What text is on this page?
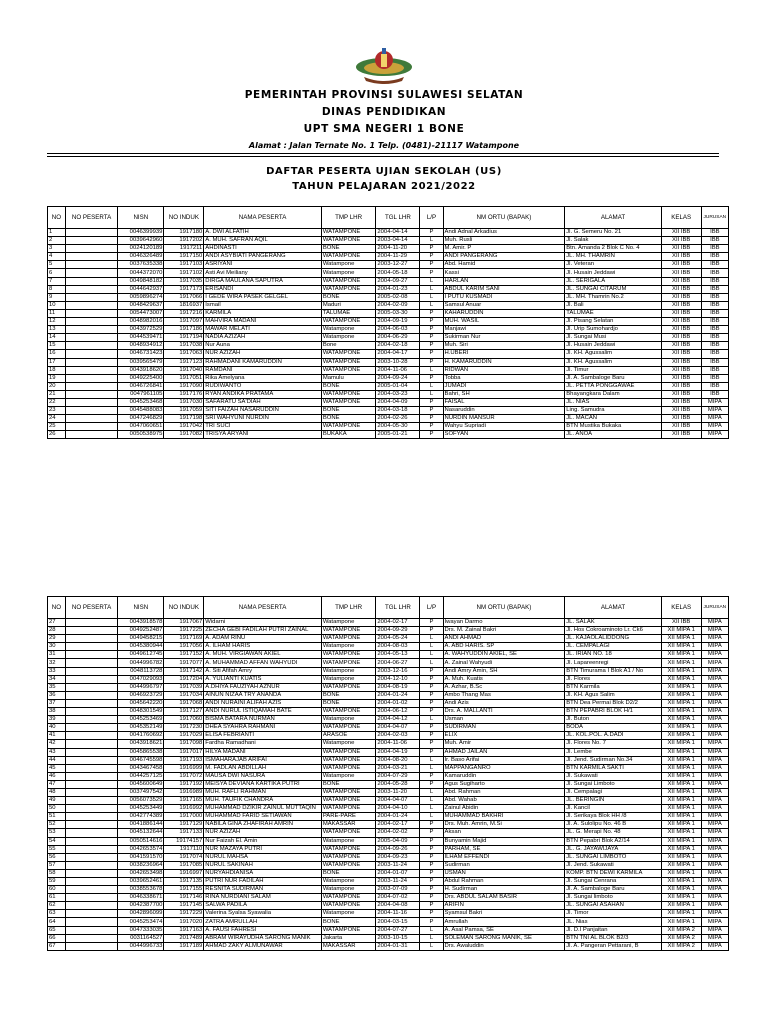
PEMERINTAH PROVINSI SULAWESI SELATAN
DINAS PENDIDIKAN
UPT SMA NEGERI 1 BONE
Alamat : Jalan Ternate No. 1 Telp. (0481)-21117 Watampone
DAFTAR PESERTA UJIAN SEKOLAH (US)
TAHUN PELAJARAN 2021/2022
NO	NO PESERTA	NISN	NO INDUK	NAMA PESERTA	TMP LHR	TGL LHR	L/P	NM ORTU (BAPAK)	ALAMAT	KELAS	JURUSAN
1		0046399939	1917180	A. DWI ALFATIH	WATAMPONE	2004-04-14	P	Andi Adnal Arkadius	Jl. G. Semeru No. 21	XII IBB	IBB
2		0039642960	1917202	A. MUH. SAFRAN AQIL	WATAMPONE	2003-04-14	L	Muh. Rusli	Jl. Salak	XII IBB	IBB
3		0024120189	1917211	AHDINASTI	BONE	2004-11-20	P	M. Amir. P	Btn. Amanda 2 Blok C No. 4	XII IBB	IBB
4		0046326489	1917150	ANDI ASYBIATI PANGERANG	WATAMPONE	2004-11-29	P	ANDI PANGERANG	JL. MH. THAMRIN	XII IBB	IBB
5		0037635338	1917103	ASRIYANI	Watampone	2003-12-27	P	Abd. Hamid	Jl. Veteran	XII IBB	IBB
6		0044372070	1917102	Asti Avi Meiliany	Watampone	2004-05-18	P	Kassi	Jl. Husain Jeddawi	XII IBB	IBB
7		0049848182	1917035	DIRGA MAULANA SAPUTRA	WATAMPONE	2004-09-27	L	HARLAN	JL. SERIGALA	XII IBB	IBB
8		0044642937	1917173	ERISANDI	WATAMPONE	2004-01-23	L	ABDUL KARIM SANI	JL. SUNGAI CITARUM	XII IBB	IBB
9		0059896274	1917066	I GEDE WIRA PASEK GELGEL	BONE	2005-02-08	L	I PUTU KUSMADI	JL. MH. Thamrin No.2	XII IBB	IBB
10		0048429637	1816937	Ismail	Maduri	2004-02-09	L	Samsul Anuar	Jl. Bali	XII IBB	IBB
11		0054473007	1917216	KARMILA	TALUMAE	2005-03-30	P	KAHARUDDIN	TALUMAE	XII IBB	IBB
12		0048982016	1917097	MAHVIRA MADANI	WATAMPONE	2004-09-19	P	MUH. WASIL	Jl. Pisang Selatan	XII IBB	IBB
13		0043972529	1917186	MAWAR MELATI	Watampone	2004-06-03	P	Manjawi	Jl. Urip Sumohardjo	XII IBB	IBB
14		0044539471	1917194	NADIA AZIZAH	Watampone	2004-06-29	P	Sukirman Nur	Jl. Sungai Musi	XII IBB	IBB
15		0048934912	1917038	Nur Auna	Bone	2004-02-18	P	Muh. Siri	Jl. Husain Jeddawi	XII IBB	IBB
16		0046731423	1917063	NUR AZIZAH	WATAMPONE	2004-04-17	P	H.UBERI	Jl. KH. Agussalim	XII IBB	IBB
17		0039565479	1917123	RAHMADANI KAMARUDDIN	WATAMPONE	2003-10-28	P	H. KAMARUDDIN	Jl. KH. Agussalim	XII IBB	IBB
18		0043918620	1917040	RAMDANI	WATAMPONE	2004-11-06	L	RIDWAN	Jl. Timur	XII IBB	IBB
19		0049225400	1917051	Rika Amelyana	Mamulu	2004-09-24	P	Tobba	Jl. A. Sambaloge Baru	XII IBB	IBB
20		0046726841	1917090	RUDIWANTO	BONE	2005-01-04	L	JUMADI	JL. PETTA PONGGAWAE	XII IBB	IBB
21		0047961105	1917176	RYAN ANDIKA PRATAMA	WATAMPONE	2004-03-23	L	Bahri, SH	Bhayangkara Dalam	XII IBB	IBB
22		0045253468	1917030	SAFARATU SA'DIAH	WATAMPONE	2004-04-09	P	FAISAL	JL. NIAS	XII IBB	MIPA
23		0045488083	1917059	SITI FAIZAH NASARUDDIN	BONE	2004-03-18	P	Nasaruddin	Ling. Samudra	XII IBB	MIPA
24		0047246829	1917198	SRI WAHYUNI NURDIN	BONE	2004-02-26	P	NURDIN MANSUR	JL. MACAN	XII IBB	MIPA
25		0047060651	1917042	TRI SUCI	WATAMPONE	2004-05-30	P	Wahyu Supriadi	BTN Mustika Bukaka	XII IBB	MIPA
26		0050538975	1917082	TRISYA ARYANI	BUKAKA	2005-01-21	P	SOFYAN	JL. ANOA	XII IBB	MIPA
NO	NO PESERTA	NISN	NO INDUK	NAMA PESERTA	TMP LHR	TGL LHR	L/P	NM ORTU (BAPAK)	ALAMAT	KELAS	JURUSAN
27		0043918578	1917067	Widarni	Watampone	2004-02-17	P	Iwayan Darmo	JL. SALAK	XII IBB	MIPA
28		0049252487	1917225	ZECHA GEBI FADILAH PUTRI ZAINAL	WATAMPONE	2004-09-29	P	Drs. M. Zainal Bakri	Jl. Hos Cokroaminoto Lr. Ck6	XII MIPA 1	MIPA
29		0049458215	1917169	A. ADAM RINU	WATAMPONE	2004-05-24	L	ANDI AHMAD	JL. KAJAOLALIDDONG	XII MIPA 1	MIPA
30		0045380944	1917056	A. ILHAM HARIS	Watampone	2004-08-03	L	A. ABD HARIS. SP	JL. CEMPALAGI	XII MIPA 1	MIPA
31		0049612745	1917152	A. MUH. VIRGIAWAN AKIEL	WATAMPONE	2004-05-13	L	A. WAHYUDDIN AKIEL, SE	JL. IRIAN NO. 18	XII MIPA 1	MIPA
32		0044996782	1917077	A. MUHAMMAD AFFAN WAHYUDI	WATAMPONE	2004-06-27	L	A. Zainal Wahyudi	Jl. Lapareenregi	XII MIPA 1	MIPA
33		0048113728	1917142	A. Siti Afifah Amry	Watampone	2003-12-16	P	Andi Amry Amin, SH	BTN Timurama I Blok A1 / No	XII MIPA 1	MIPA
34		0047029093	1917204	A. YULIANTI KUATIS	Watampone	2004-12-10	P	A. Muh. Kuatis	Jl. Flores	XII MIPA 1	MIPA
35		0044996797	1917039	A.DHIYA FAUZIYAH AZNUR	WATAMPONE	2004-08-19	P	A. Azhar, B.Sc	BTN Karmila	XII MIPA 1	MIPA
36		0046923729	1917034	AINUN NIZAA TRY ANANDA	BONE	2004-01-24	P	Ambo Thang Mas	Jl. KH. Agus Salim	XII MIPA 1	MIPA
37		0045642220	1917068	ANDI NURAINI ALIFAH AZIS	BONE	2004-01-02	P	Andi Azis	BTN Dea Permai Blok D2/2	XII MIPA 1	MIPA
38		0048301549	1917127	ANDI NURUL ISTIQAMAH BATE	WATAMPONE	2004-06-12	P	Drs. A. MALLANTI	BTN PEPABRI BLOK H/1	XII MIPA 1	MIPA
39		0045253469	1917060	BISMA BATARA NURMAN	Watampone	2004-04-12	L	Usman	Jl. Buton	XII MIPA 1	MIPA
40		0045352149	1917230	DHEA SYAHRA RAHMANI	WATAMPONE	2004-04-07	P	SUDIRMAN	BODA	XII MIPA 1	MIPA
41		0041760692	1917029	ELISA FEBRIANTI	ARASOE	2004-02-03	P	ELIX	JL. KOL.POL. A.DADI	XII MIPA 1	MIPA
42		0043918621	1917098	Fardha Ramadhani	Watampone	2004-11-06	P	Muh. Amir	Jl. Flores No. 7	XII MIPA 1	MIPA
43		0045865538	1917017	HILYA MADANI	WATAMPONE	2004-04-19	P	AHMAD JAILAN	Jl. Lembe	XII MIPA 1	MIPA
44		0046745598	1917193	ISMAHARAJAB ARIFAI	WATAMPONE	2004-08-20	L	Ir. Baso Arifai	Jl. Jend. Sudirman No.34	XII MIPA 1	MIPA
45		0043467458	1916999	M. FADLAN ABDILLAH	WATAMPONE	2004-03-21	L	MAPPANGANRO	BTN KARMILA SAKTI	XII MIPA 1	MIPA
46		0044257125	1917072	MAUSA DWI NASURA	Watampone	2004-07-29	P	Kamaruddin	Jl. Sukawati	XII MIPA 1	MIPA
47		0045600649	1917192	MEISYA DEVIANA KARTIKA PUTRI	BONE	2004-05-28	P	Agus Sugiharto	Jl. Sungai Limboto	XII MIPA 1	MIPA
48		0037497542	1916989	MUH. RAFLI RAHMAN	WATAMPONE	2003-11-20	L	Abd. Rahman	Jl. Cempalagi	XII MIPA 1	MIPA
49		0056073529	1917165	MUH. TAUFIK CHANDRA	WATAMPONE	2004-04-07	L	Abd. Wahab	JL. BERINGIN	XII MIPA 1	MIPA
50		0045253449	1916992	MUHAMMAD DZIKIR ZAINUL MUTTAQIN	WATAMPONE	2004-04-10	L	Zainul Abidin	Jl. Kancil	XII MIPA 1	MIPA
51		0042774389	1917000	MUHAMMAD FARID SETIAWAN	PARE-PARE	2004-01-24	L	MUHAMMAD BAKHRI	Jl. Serikaya Blok HH /8	XII MIPA 1	MIPA
52		0041886144	1917129	NABILA GINA ZHAFIRAH AMRIN	MAKASSAR	2004-02-17	P	Drs. Muh. Amrin, M.Si	Jl. A. Sulolipu No. 46 B	XII MIPA 1	MIPA
53		0045132644	1917133	NUR AZIZAH	WATAMPONE	2004-02-02	P	Aksan	JL. G. Merapi No. 48	XII MIPA 1	MIPA
54		0050514616	19174157	Nur Faizah El. Amin	Watampone	2005-04-09	P	Bunyamin Majid	BTN Pepabri Blok A2/14	XII MIPA 1	MIPA
55		0042653574	1917110	NUR MAZAYA PUTRI	WATAMPONE	2004-09-26	P	PARHAM, SE	JL. G. JAYAWIJAYA	XII MIPA 1	MIPA
56		0041591570	1917074	NURUL MAHSA	WATAMPONE	2004-09-23	P	ILHAM EFFENDI	JL. SUNGAI LIMBOTO	XII MIPA 1	MIPA
57		0038236964	1917085	NURUL SAKINAH	WATAMPONE	2003-11-24	P	Sudirman	Jl. Jend. Sukawati	XII MIPA 1	MIPA
58		0042653498	1916997	NURYAHDIANISA	BONE	2004-01-07	P	USMAN	KOMP. BTN DEWI KARMILA	XII MIPA 1	MIPA
59		0039652461	1917135	PUTRI NUR FADILAH	Watampone	2003-11-24	P	Abdul Rahman	Jl. Sungai Cenrana	XII MIPA 1	MIPA
60		0038553678	1917155	RESNITA SUDIRMAN	Watampone	2003-07-09	P	H. Sudirman	Jl. A. Sambaloge Baru	XII MIPA 1	MIPA
61		0046338671	1917146	RINA NURDIANI SALAM	WATAMPONE	2004-07-02	P	Drs. ABDUL SALAM BASIR	Jl. Sungai limboto	XII MIPA 1	MIPA
62		0042387700	1917145	SALWA PADILA	WATAMPONE	2004-04-08	P	ARIFIN	JL. SUNGAI ASAHAN	XII MIPA 1	MIPA
63		0042896099	1917229	Valerina Syalsa Syawalia	Watampone	2004-11-16	P	Syamsul Bakri	Jl. Timor	XII MIPA 1	MIPA
64		0045253474	1917020	ZATRA AMRULLAH	BONE	2004-03-15	P	Amrullah	JL. Nias	XII MIPA 1	MIPA
65		0047333035	1917163	A. FAUSI FAHRESI	WATAMPONE	2004-07-27	L	A. Asal Pamsa, SE	Jl. D.I Panjaitan	XII MIPA 2	MIPA
66		0031164527	2017489	ABRAM WIRAYUDHA SARONG MANIK	Jakarta	2003-10-15	L	SOLEMAN SARONG MANIK, SE	BTN TNI AL BLOK B2/3	XII MIPA 2	MIPA
67		0044996733	1917189	AHMAD ZAKY ALMUNAWAR	MAKASSAR	2004-01-31	L	Drs. Awaluddin	Jl. A. Pangeran Pettarani, B	XII MIPA 2	MIPA
